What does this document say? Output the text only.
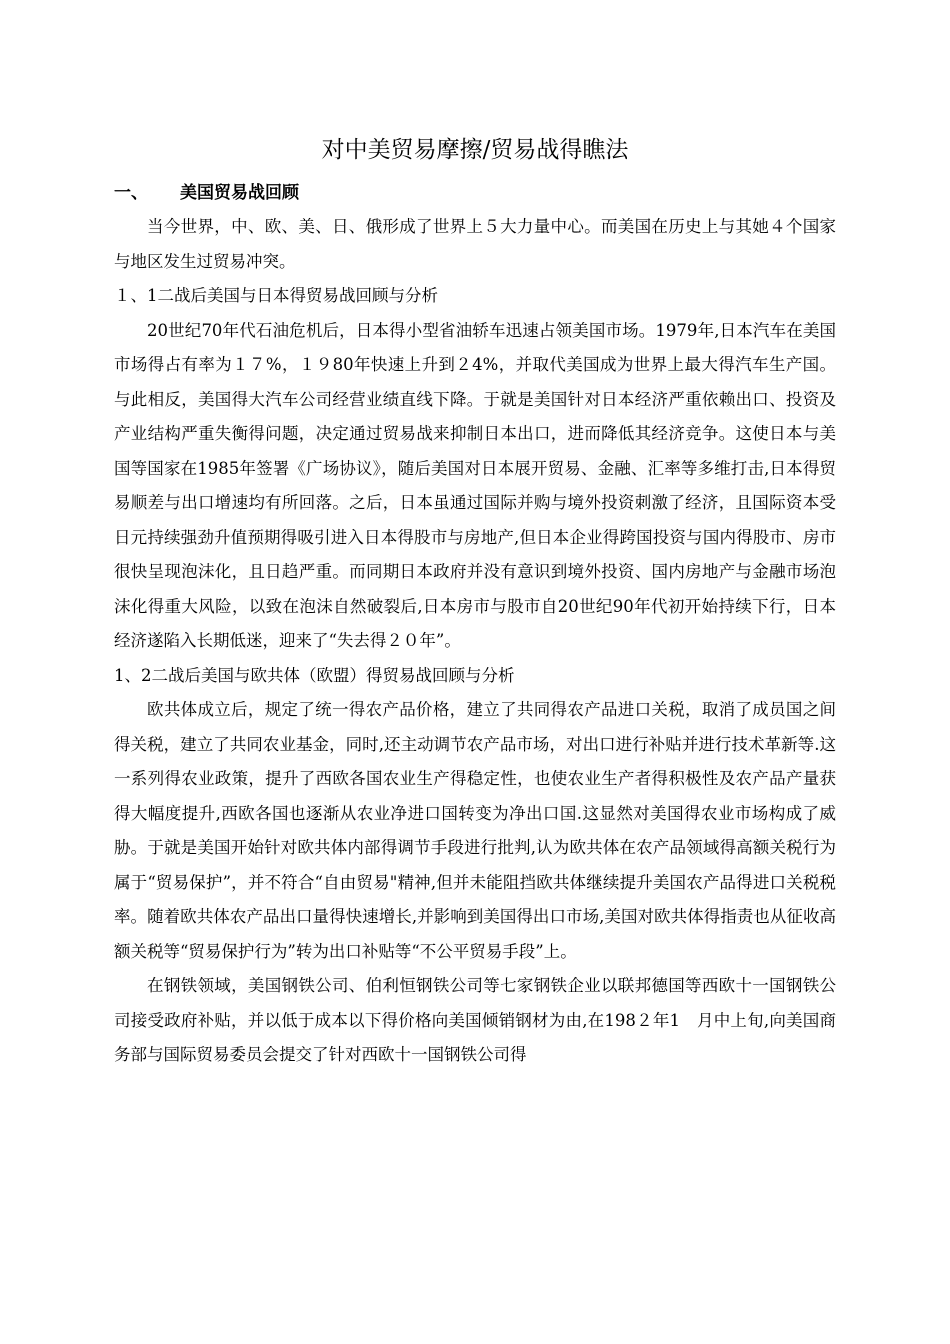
对中美贸易摩擦/贸易战得瞧法

一、 美国贸易战回顾

当今世界，中、欧、美、日、俄形成了世界上５大力量中心。而美国在历史上与其她４个国家与地区发生过贸易冲突。

１、1二战后美国与日本得贸易战回顾与分析

20世纪70年代石油危机后，日本得小型省油轿车迅速占领美国市场。1979年,日本汽车在美国市场得占有率为１７%，１９80年快速上升到２4%，并取代美国成为世界上最大得汽车生产国。与此相反，美国得大汽车公司经营业绩直线下降。于就是美国针对日本经济严重依赖出口、投资及产业结构严重失衡得问题，决定通过贸易战来抑制日本出口，进而降低其经济竞争。这使日本与美国等国家在1985年签署《广场协议》，随后美国对日本展开贸易、金融、汇率等多维打击,日本得贸易顺差与出口增速均有所回落。之后，日本虽通过国际并购与境外投资刺激了经济，且国际资本受日元持续强劲升值预期得吸引进入日本得股市与房地产,但日本企业得跨国投资与国内得股市、房市很快呈现泡沫化，且日趋严重。而同期日本政府并没有意识到境外投资、国内房地产与金融市场泡沫化得重大风险，以致在泡沫自然破裂后,日本房市与股市自20世纪90年代初开始持续下行，日本经济遂陷入长期低迷，迎来了“失去得２０年”。

1、2二战后美国与欧共体（欧盟）得贸易战回顾与分析

欧共体成立后，规定了统一得农产品价格，建立了共同得农产品进口关税，取消了成员国之间得关税，建立了共同农业基金，同时,还主动调节农产品市场，对出口进行补贴并进行技术革新等.这一系列得农业政策，提升了西欧各国农业生产得稳定性，也使农业生产者得积极性及农产品产量获得大幅度提升,西欧各国也逐渐从农业净进口国转变为净出口国.这显然对美国得农业市场构成了威胁。于就是美国开始针对欧共体内部得调节手段进行批判,认为欧共体在农产品领域得高额关税行为属于“贸易保护”，并不符合“自由贸易"精神,但并未能阻挡欧共体继续提升美国农产品得进口关税税率。随着欧共体农产品出口量得快速增长,并影响到美国得出口市场,美国对欧共体得指责也从征收高额关税等“贸易保护行为”转为出口补贴等“不公平贸易手段”上。

在钢铁领域，美国钢铁公司、伯利恒钢铁公司等七家钢铁企业以联邦德国等西欧十一国钢铁公司接受政府补贴，并以低于成本以下得价格向美国倾销钢材为由,在198２年1　月中上旬,向美国商务部与国际贸易委员会提交了针对西欧十一国钢铁公司得
